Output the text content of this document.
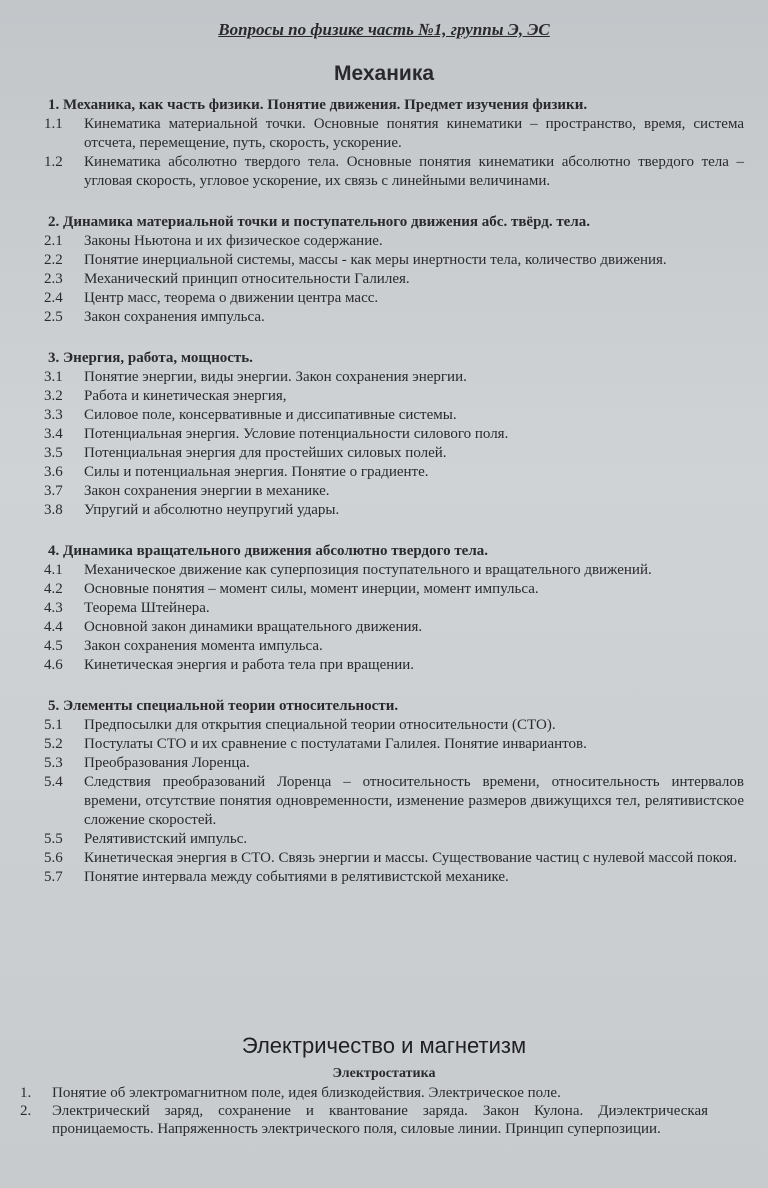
Вопросы по физике часть №1, группы Э, ЭС
Механика
1. Механика, как часть физики. Понятие движения. Предмет изучения физики.
1.1	Кинематика материальной точки. Основные понятия кинематики – пространство, время, система отсчета, перемещение, путь, скорость, ускорение.
1.2	Кинематика абсолютно твердого тела. Основные понятия кинематики абсолютно твердого тела – угловая скорость, угловое ускорение, их связь с линейными величинами.
2. Динамика материальной точки и поступательного движения абс. твёрд. тела.
2.1	Законы Ньютона и их физическое содержание.
2.2	Понятие инерциальной системы, массы - как меры инертности тела, количество движения.
2.3	Механический принцип относительности Галилея.
2.4	Центр масс, теорема о движении центра масс.
2.5	Закон сохранения импульса.
3. Энергия, работа, мощность.
3.1	Понятие энергии, виды энергии. Закон сохранения энергии.
3.2	Работа и кинетическая энергия,
3.3	Силовое поле, консервативные и диссипативные системы.
3.4	Потенциальная энергия. Условие потенциальности силового поля.
3.5	Потенциальная энергия для простейших силовых полей.
3.6	Силы и потенциальная энергия. Понятие о градиенте.
3.7	Закон сохранения энергии в механике.
3.8	Упругий и абсолютно неупругий удары.
4. Динамика вращательного движения абсолютно твердого тела.
4.1	Механическое движение как суперпозиция поступательного и вращательного движений.
4.2	Основные понятия – момент силы, момент инерции, момент импульса.
4.3	Теорема Штейнера.
4.4	Основной закон динамики вращательного движения.
4.5	Закон сохранения момента импульса.
4.6	Кинетическая энергия и работа тела при вращении.
5. Элементы специальной теории относительности.
5.1	Предпосылки для открытия специальной теории относительности (СТО).
5.2	Постулаты СТО и их сравнение с постулатами Галилея. Понятие инвариантов.
5.3	Преобразования Лоренца.
5.4	Следствия преобразований Лоренца – относительность времени, относительность интервалов времени, отсутствие понятия одновременности, изменение размеров движущихся тел, релятивистское сложение скоростей.
5.5	Релятивистский импульс.
5.6	Кинетическая энергия в СТО. Связь энергии и массы. Существование частиц с нулевой массой покоя.
5.7	Понятие интервала между событиями в релятивистской механике.
Электричество и магнетизм
Электростатика
1.	Понятие об электромагнитном поле, идея близкодействия. Электрическое поле.
2.	Электрический заряд, сохранение и квантование заряда. Закон Кулона. Диэлектрическая проницаемость. Напряженность электрического поля, силовые линии. Принцип суперпозиции.
